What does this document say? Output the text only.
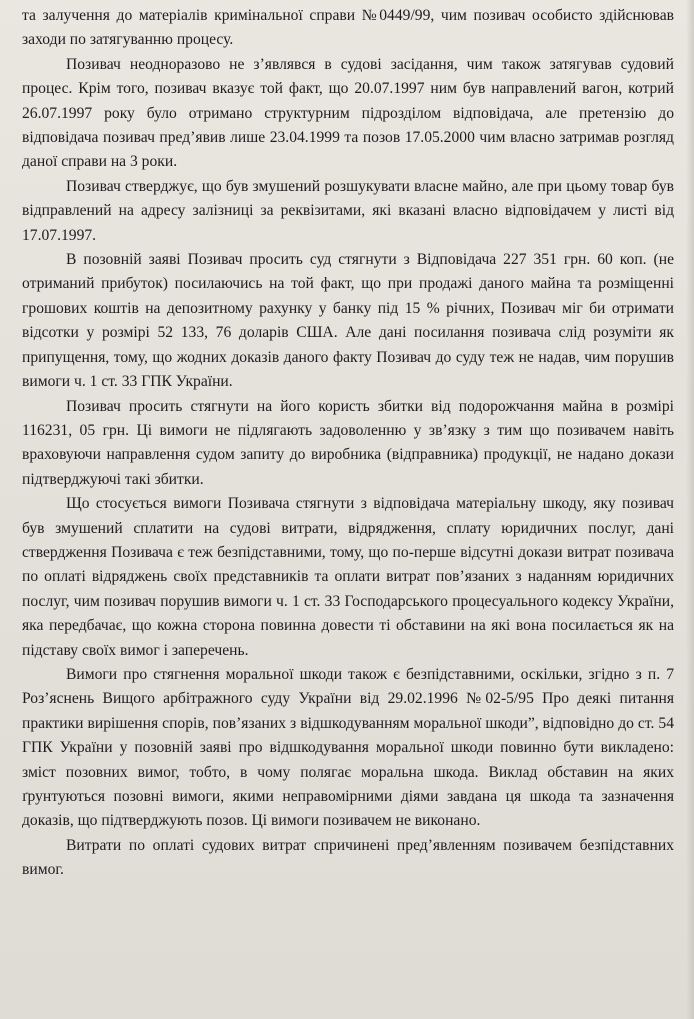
та залучення до матеріалів кримінальної справи №0449/99, чим позивач особисто здійснював заходи по затягуванню процесу.

Позивач неодноразово не з’являвся в судові засідання, чим також затягував судовий процес. Крім того, позивач вказує той факт, що 20.07.1997 ним був направлений вагон, котрий 26.07.1997 року було отримано структурним підрозділом відповідача, але претензію до відповідача позивач пред’явив лише 23.04.1999 та позов 17.05.2000 чим власно затримав розгляд даної справи на 3 роки.

Позивач стверджує, що був змушений розшукувати власне майно, але при цьому товар був відправлений на адресу залізниці за реквізитами, які вказані власно відповідачем у листі від 17.07.1997.

В позовній заяві Позивач просить суд стягнути з Відповідача 227 351 грн. 60 коп. (не отриманий прибуток) посилаючись на той факт, що при продажі даного майна та розміщенні грошових коштів на депозитному рахунку у банку під 15 % річних, Позивач міг би отримати відсотки у розмірі 52 133, 76 доларів США. Але дані посилання позивача слід розуміти як припущення, тому, що жодних доказів даного факту Позивач до суду теж не надав, чим порушив вимоги ч. 1 ст. 33 ГПК України.

Позивач просить стягнути на його користь збитки від подорожчання майна в розмірі 116231, 05 грн. Ці вимоги не підлягають задоволенню у зв’язку з тим що позивачем навіть враховуючи направлення судом запиту до виробника (відправника) продукції, не надано докази підтверджуючі такі збитки.

Що стосується вимоги Позивача стягнути з відповідача матеріальну шкоду, яку позивач був змушений сплатити на судові витрати, відрядження, сплату юридичних послуг, дані ствердження Позивача є теж безпідставними, тому, що по-перше відсутні докази витрат позивача по оплаті відряджень своїх представників та оплати витрат пов’язаних з наданням юридичних послуг, чим позивач порушив вимоги ч. 1 ст. 33 Господарського процесуального кодексу України, яка передбачає, що кожна сторона повинна довести ті обставини на які вона посилається як на підставу своїх вимог і заперечень.

Вимоги про стягнення моральної шкоди також є безпідставними, оскільки, згідно з п. 7 Роз’яснень Вищого арбітражного суду України від 29.02.1996 №02-5/95 Про деякі питання практики вирішення спорів, пов’язаних з відшкодуванням моральної шкоди”, відповідно до ст. 54 ГПК України у позовній заяві про відшкодування моральної шкоди повинно бути викладено: зміст позовних вимог, тобто, в чому полягає моральна шкода. Виклад обставин на яких ґрунтуються позовні вимоги, якими неправомірними діями завдана ця шкода та зазначення доказів, що підтверджують позов. Ці вимоги позивачем не виконано.

Витрати по оплаті судових витрат спричинені пред’явленням позивачем безпідставних вимог.
